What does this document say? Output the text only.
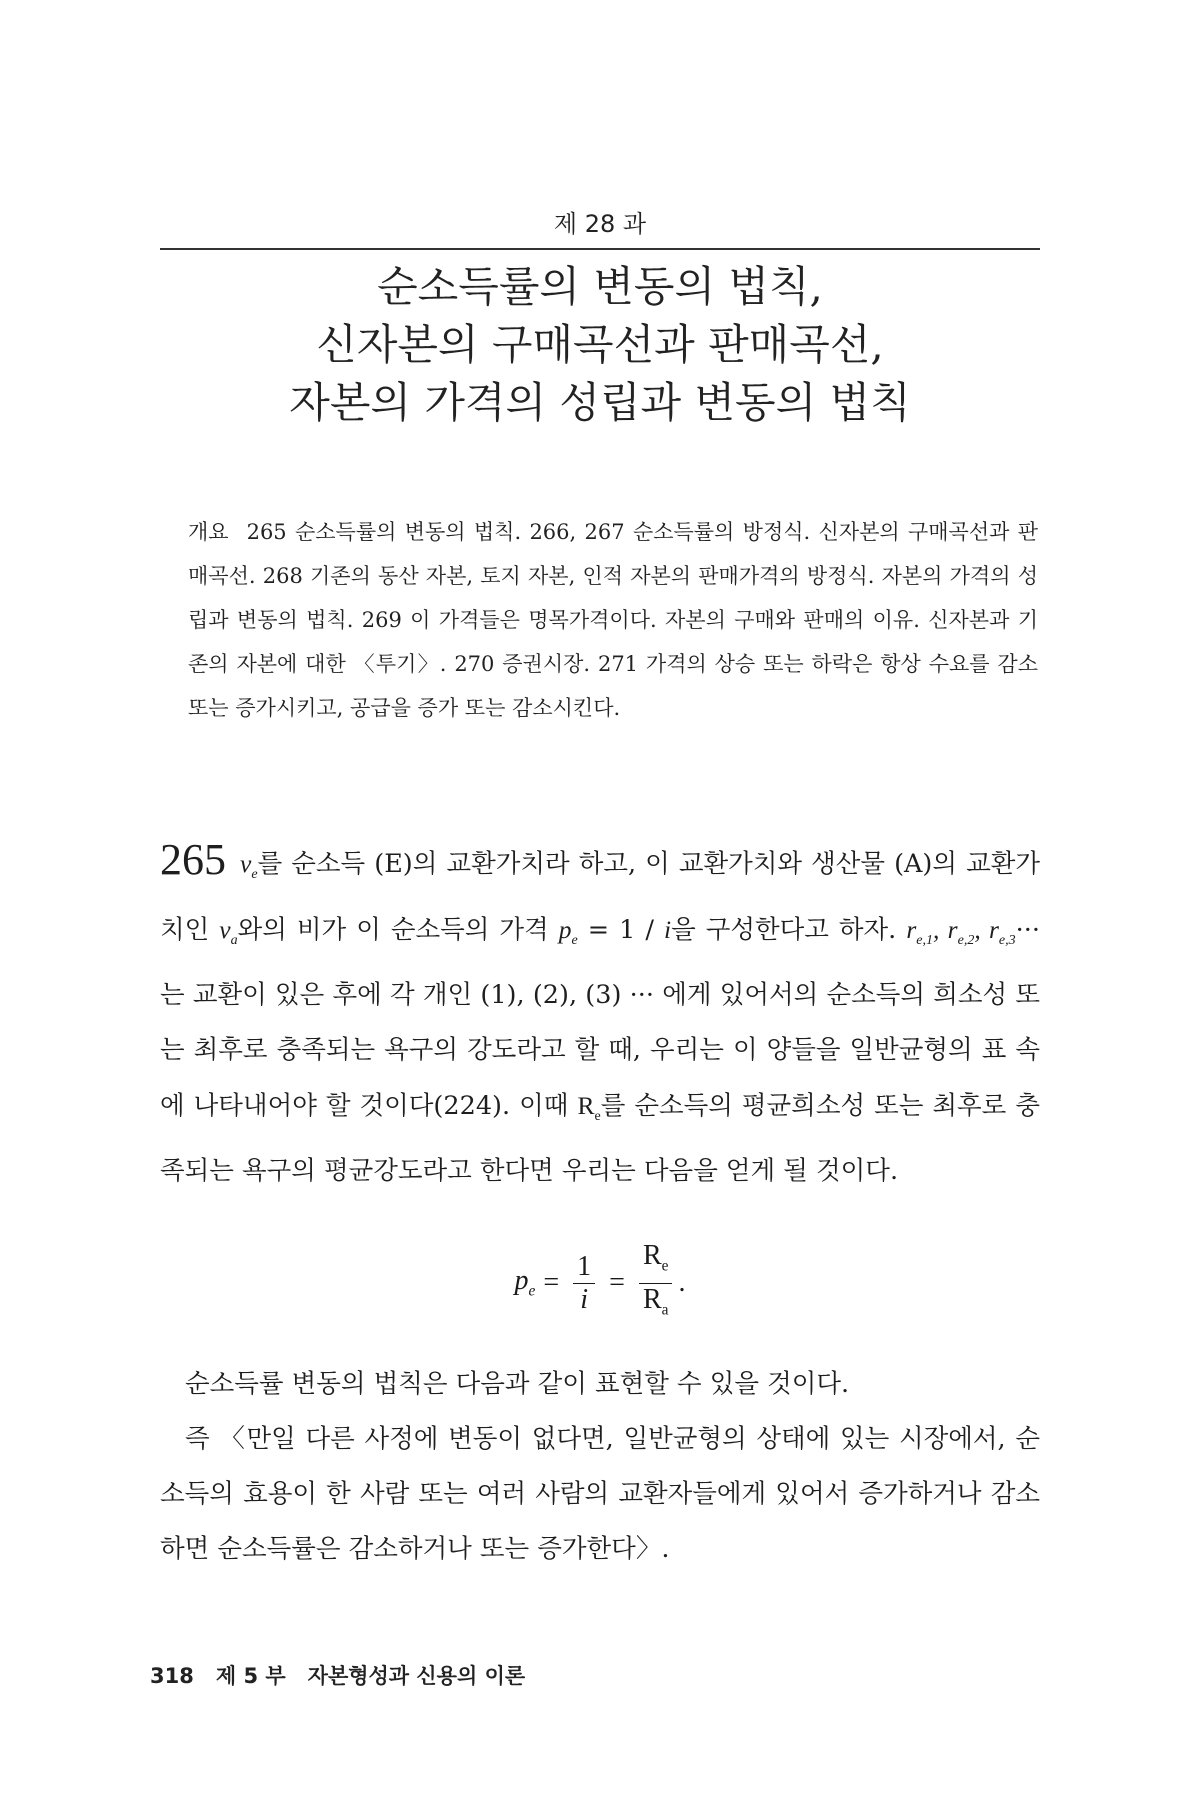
제 28 과
순소득률의 변동의 법칙,
신자본의 구매곡선과 판매곡선,
자본의 가격의 성립과 변동의 법칙
개요 265 순소득률의 변동의 법칙. 266, 267 순소득률의 방정식. 신자본의 구매곡선과 판매곡선. 268 기존의 동산 자본, 토지 자본, 인적 자본의 판매가격의 방정식. 자본의 가격의 성립과 변동의 법칙. 269 이 가격들은 명목가격이다. 자본의 구매와 판매의 이유. 신자본과 기존의 자본에 대한 〈투기〉. 270 증권시장. 271 가격의 상승 또는 하락은 항상 수요를 감소 또는 증가시키고, 공급을 증가 또는 감소시킨다.
265 $v_e$를 순소득 (E)의 교환가치라 하고, 이 교환가치와 생산물 (A)의 교환가치인 $v_a$와의 비가 이 순소득의 가격 $p_e = 1 / i$을 구성한다고 하자. $r_{e,1}$, $r_{e,2}$, $r_{e,3}\cdot\cdot\cdot$ 는 교환이 있은 후에 각 개인 (1), (2), (3) ··· 에게 있어서의 순소득의 희소성 또는 최후로 충족되는 욕구의 강도라고 할 때, 우리는 이 양들을 일반균형의 표 속에 나타내어야 할 것이다(224). 이때 $R_e$를 순소득의 평균희소성 또는 최후로 충족되는 욕구의 평균강도라고 한다면 우리는 다음을 얻게 될 것이다.
$p_e = \frac{1}{i} = \frac{R_e}{R_a}$ .

순소득률 변동의 법칙은 다음과 같이 표현할 수 있을 것이다.

즉 〈만일 다른 사정에 변동이 없다면, 일반균형의 상태에 있는 시장에서, 순소득의 효용이 한 사람 또는 여러 사람의 교환자들에게 있어서 증가하거나 감소하면 순소득률은 감소하거나 또는 증가한다〉.

318 제 5 부 자본형성과 신용의 이론
